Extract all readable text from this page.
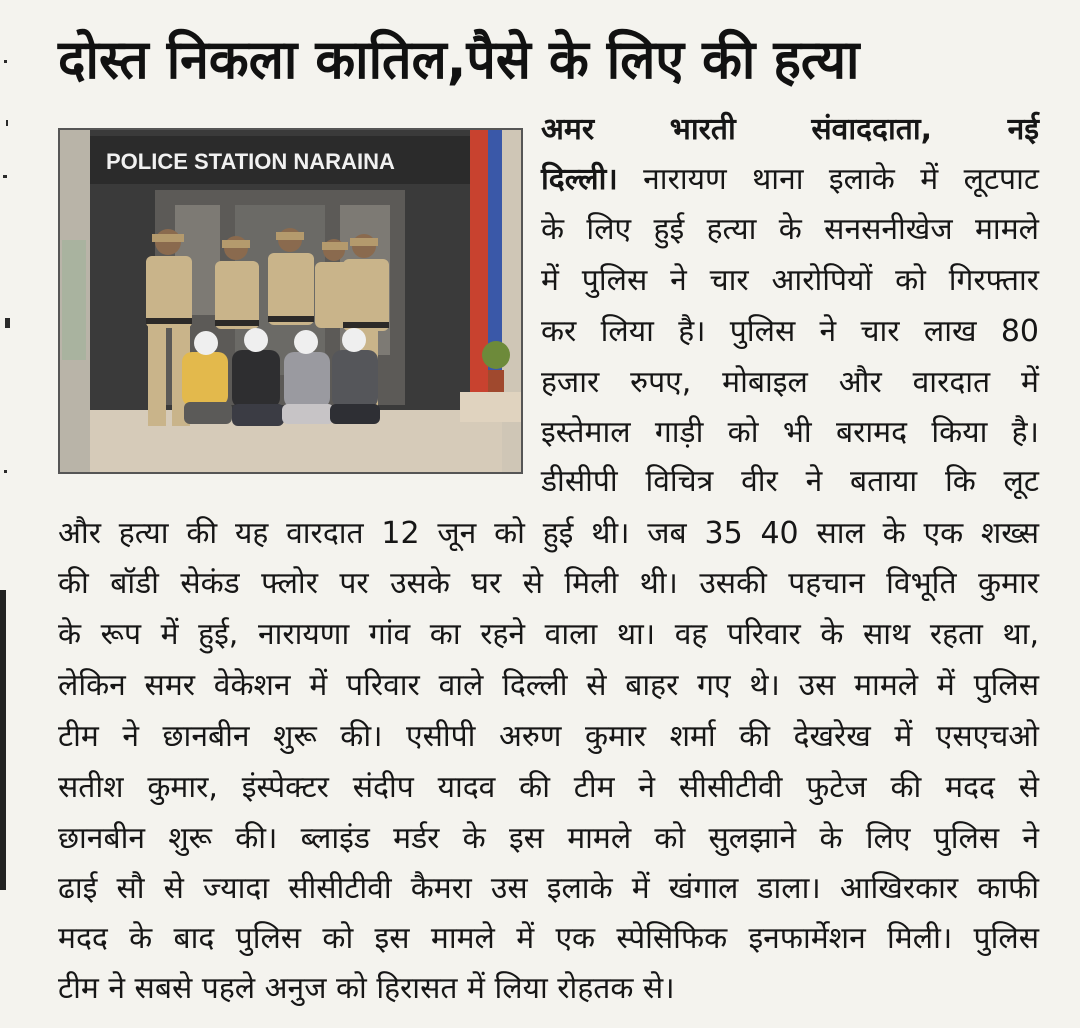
दोस्त निकला कातिल,पैसे के लिए की हत्या
POLICE STATION NARAINA
अमर भारती संवाददाता, नई
दिल्ली। नारायण थाना इलाके में लूटपाट
के लिए हुई हत्या के सनसनीखेज मामले
में पुलिस ने चार आरोपियों को गिरफ्तार
कर लिया है। पुलिस ने चार लाख 80
हजार रुपए, मोबाइल और वारदात में
इस्तेमाल गाड़ी को भी बरामद किया है।
डीसीपी विचित्र वीर ने बताया कि लूट
और हत्या की यह वारदात 12 जून को हुई थी। जब 35 40 साल के एक शख्स
की बॉडी सेकंड फ्लोर पर उसके घर से मिली थी। उसकी पहचान विभूति कुमार
के रूप में हुई, नारायणा गांव का रहने वाला था। वह परिवार के साथ रहता था,
लेकिन समर वेकेशन में परिवार वाले दिल्ली से बाहर गए थे। उस मामले में पुलिस
टीम ने छानबीन शुरू की। एसीपी अरुण कुमार शर्मा की देखरेख में एसएचओ
सतीश कुमार, इंस्पेक्टर संदीप यादव की टीम ने सीसीटीवी फुटेज की मदद से
छानबीन शुरू की। ब्लाइंड मर्डर के इस मामले को सुलझाने के लिए पुलिस ने
ढाई सौ से ज्यादा सीसीटीवी कैमरा उस इलाके में खंगाल डाला। आखिरकार काफी
मदद के बाद पुलिस को इस मामले में एक स्पेसिफिक इनफार्मेशन मिली। पुलिस
टीम ने सबसे पहले अनुज को हिरासत में लिया रोहतक से।
